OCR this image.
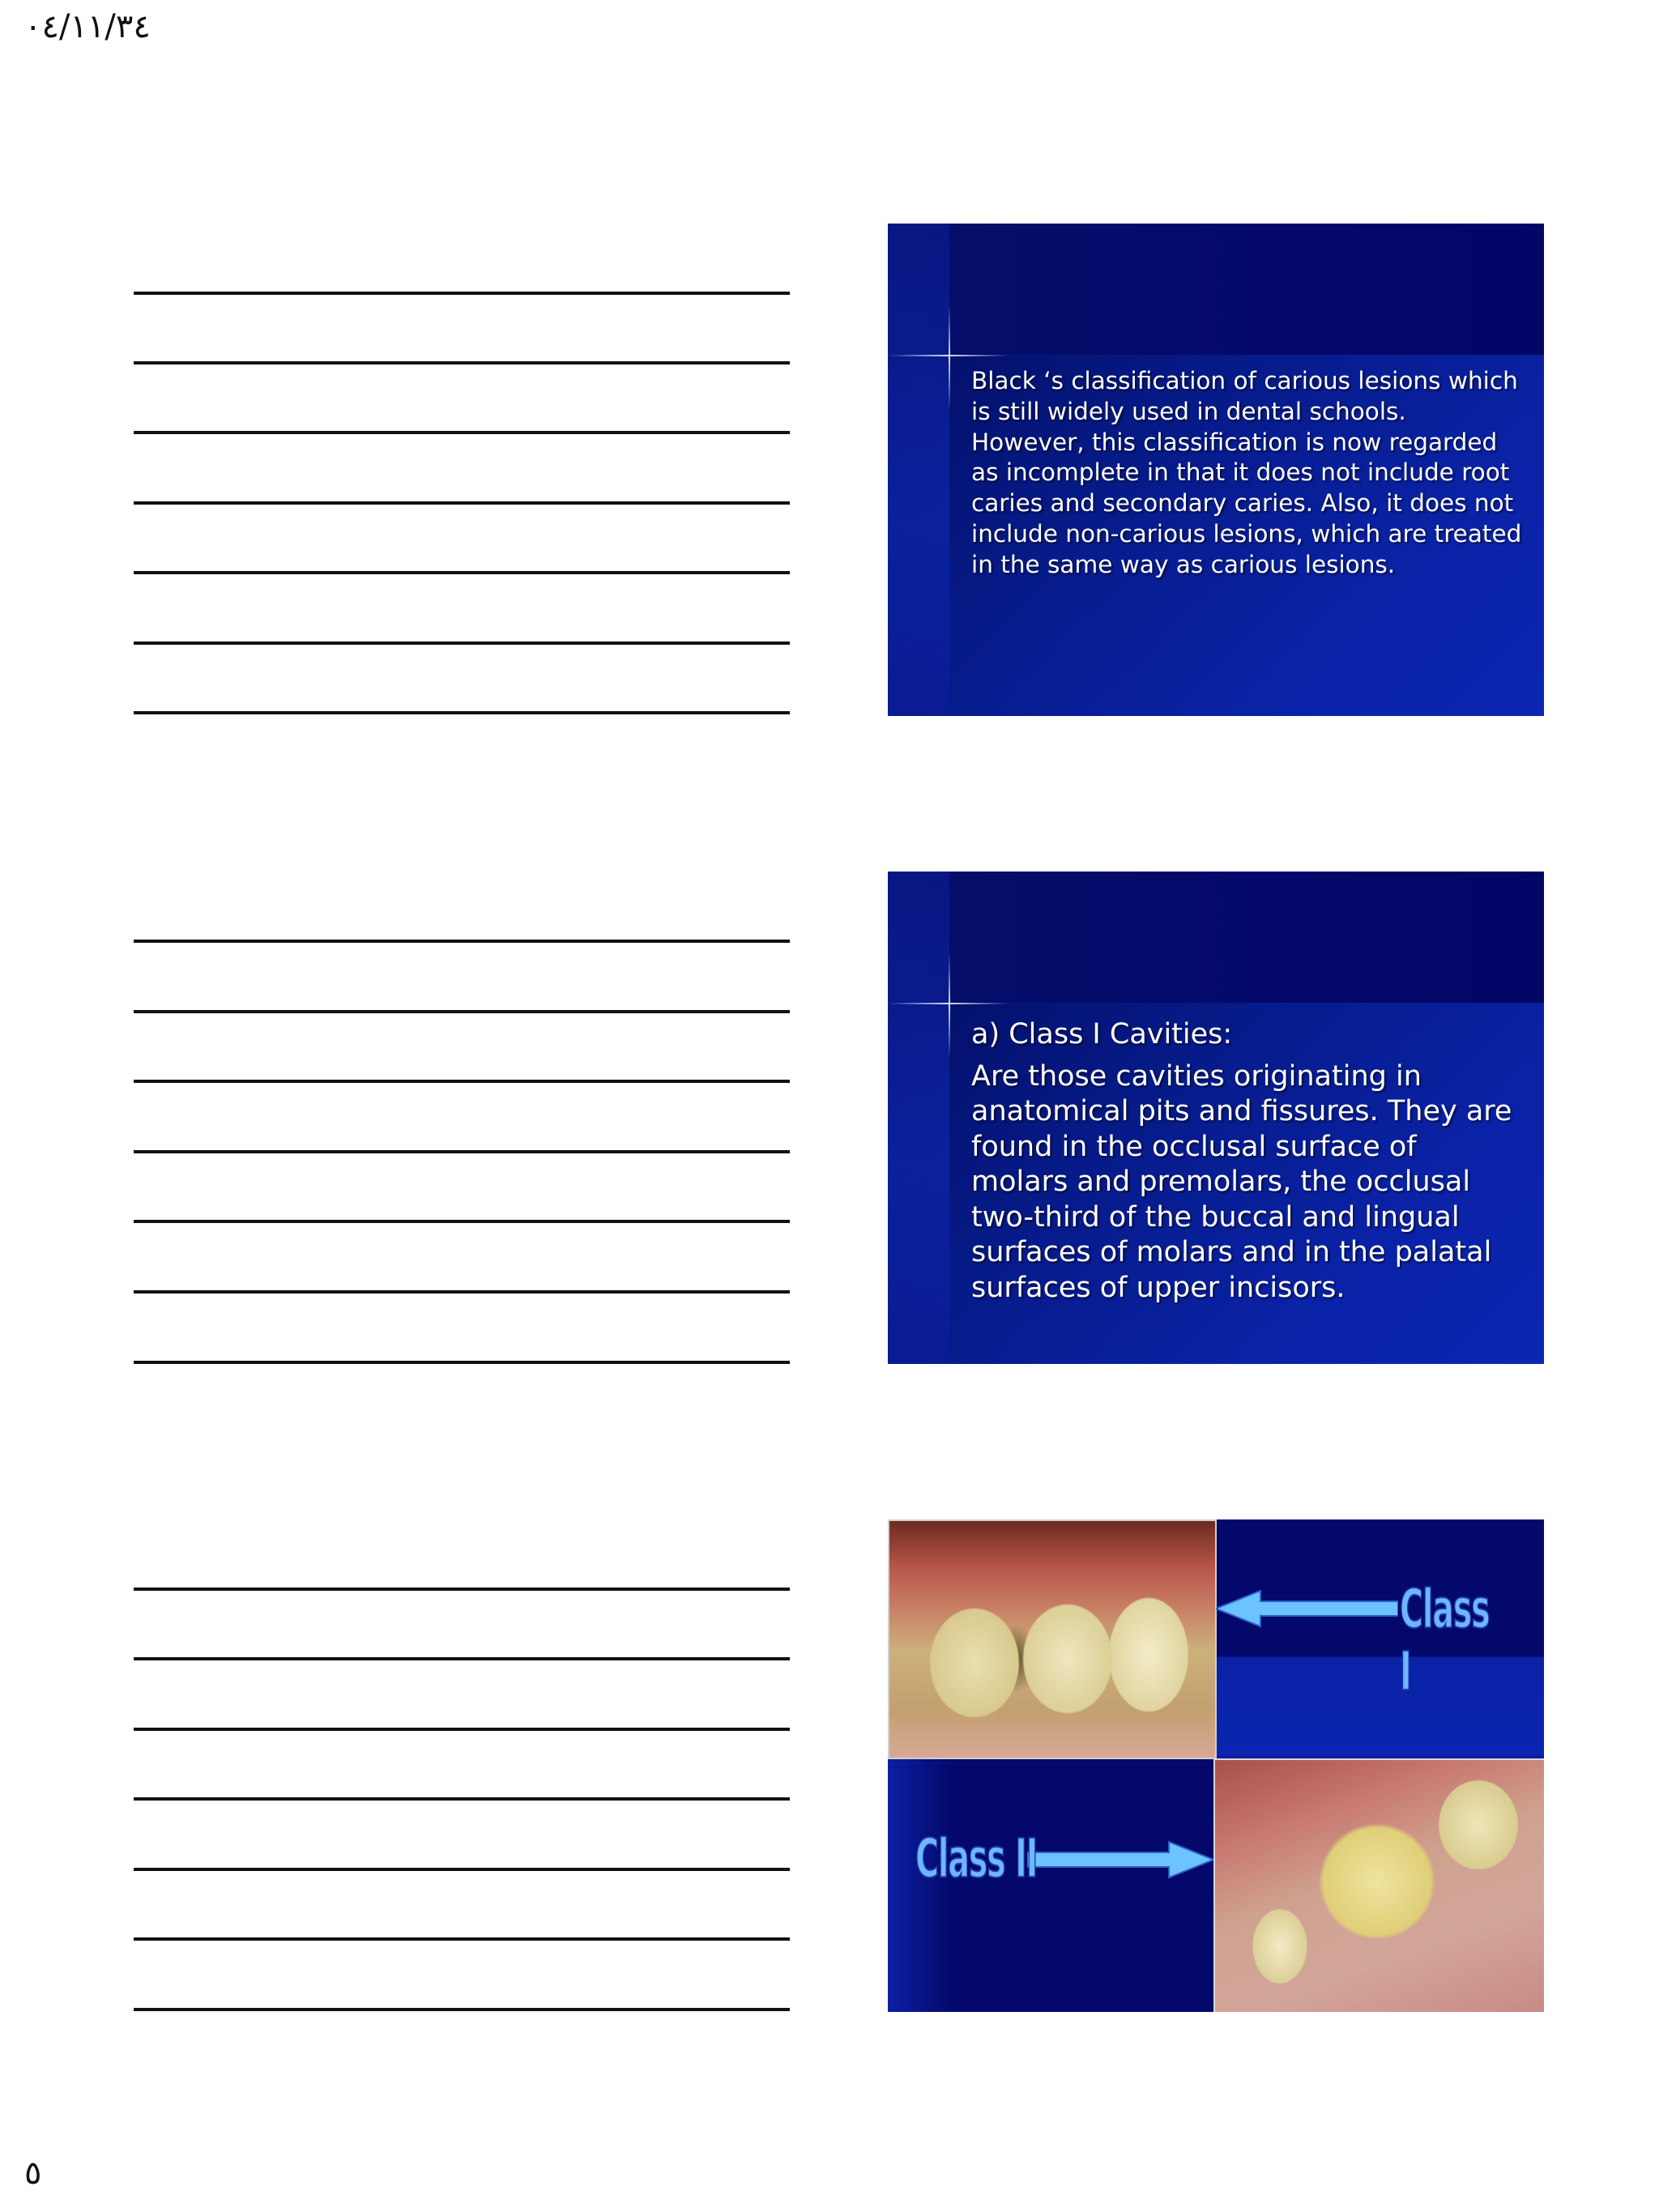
٠٤/١١/٣٤
Black ‘s classification of carious lesions which is still widely used in dental schools. However, this classification is now regarded as incomplete in that it does not include root caries and secondary caries. Also, it does not include non-carious lesions, which are treated in the same way as carious lesions.
a) Class I Cavities:
Are those cavities originating in anatomical pits and fissures. They are found in the occlusal surface of molars and premolars, the occlusal two-third of the buccal and lingual surfaces of molars and in the palatal surfaces of upper incisors.
Class I
Class II
٥
